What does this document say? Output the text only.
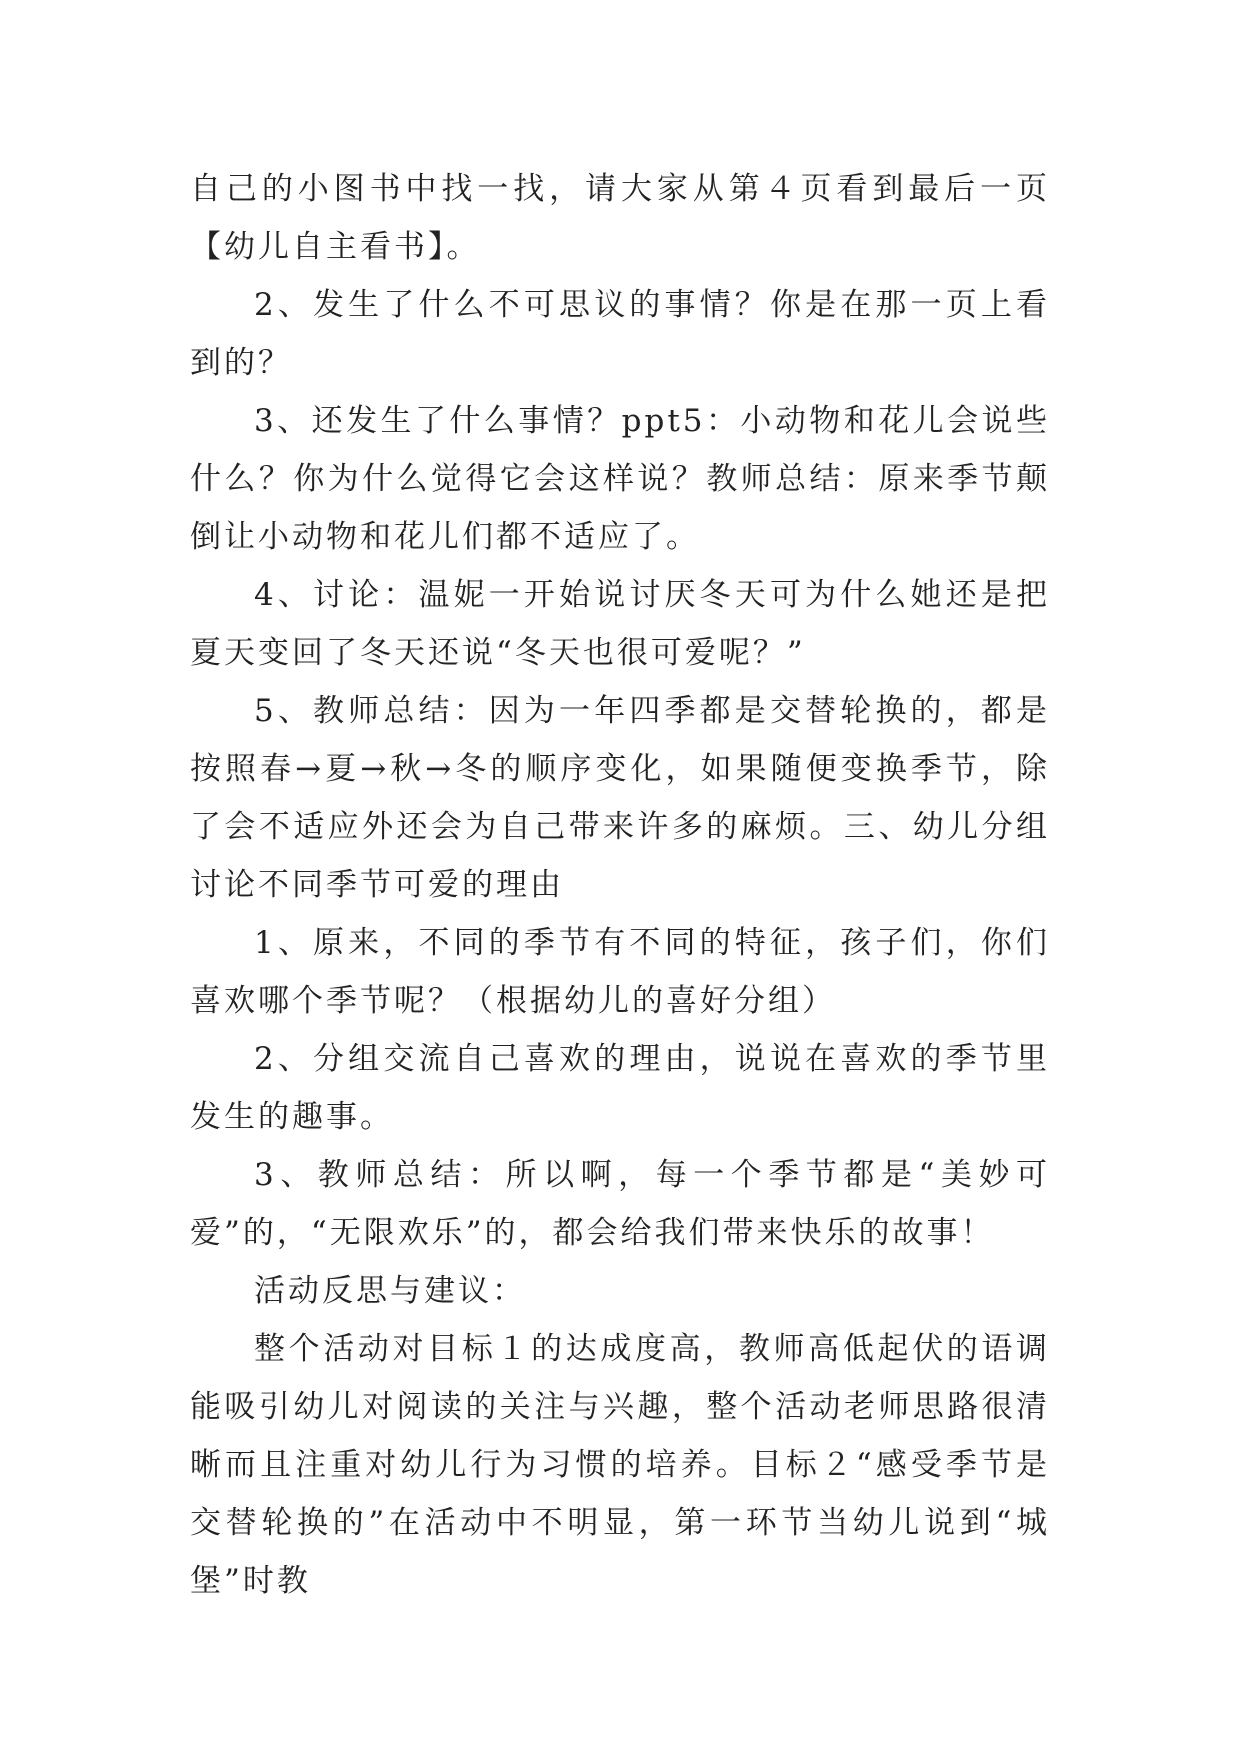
自己的小图书中找一找，请大家从第４页看到最后一页【幼儿自主看书】。

2、发生了什么不可思议的事情？你是在那一页上看到的？

3、还发生了什么事情？ppt5：小动物和花儿会说些什么？你为什么觉得它会这样说？教师总结：原来季节颠倒让小动物和花儿们都不适应了。

4、讨论：温妮一开始说讨厌冬天可为什么她还是把夏天变回了冬天还说“冬天也很可爱呢？”

5、教师总结：因为一年四季都是交替轮换的，都是按照春→夏→秋→冬的顺序变化，如果随便变换季节，除了会不适应外还会为自己带来许多的麻烦。三、幼儿分组讨论不同季节可爱的理由

1、原来，不同的季节有不同的特征，孩子们，你们喜欢哪个季节呢？（根据幼儿的喜好分组）

2、分组交流自己喜欢的理由，说说在喜欢的季节里发生的趣事。

3、教师总结：所以啊，每一个季节都是“美妙可爱”的，“无限欢乐”的，都会给我们带来快乐的故事！

活动反思与建议：

整个活动对目标１的达成度高，教师高低起伏的语调能吸引幼儿对阅读的关注与兴趣，整个活动老师思路很清晰而且注重对幼儿行为习惯的培养。目标２“感受季节是交替轮换的”在活动中不明显，第一环节当幼儿说到“城堡”时教
